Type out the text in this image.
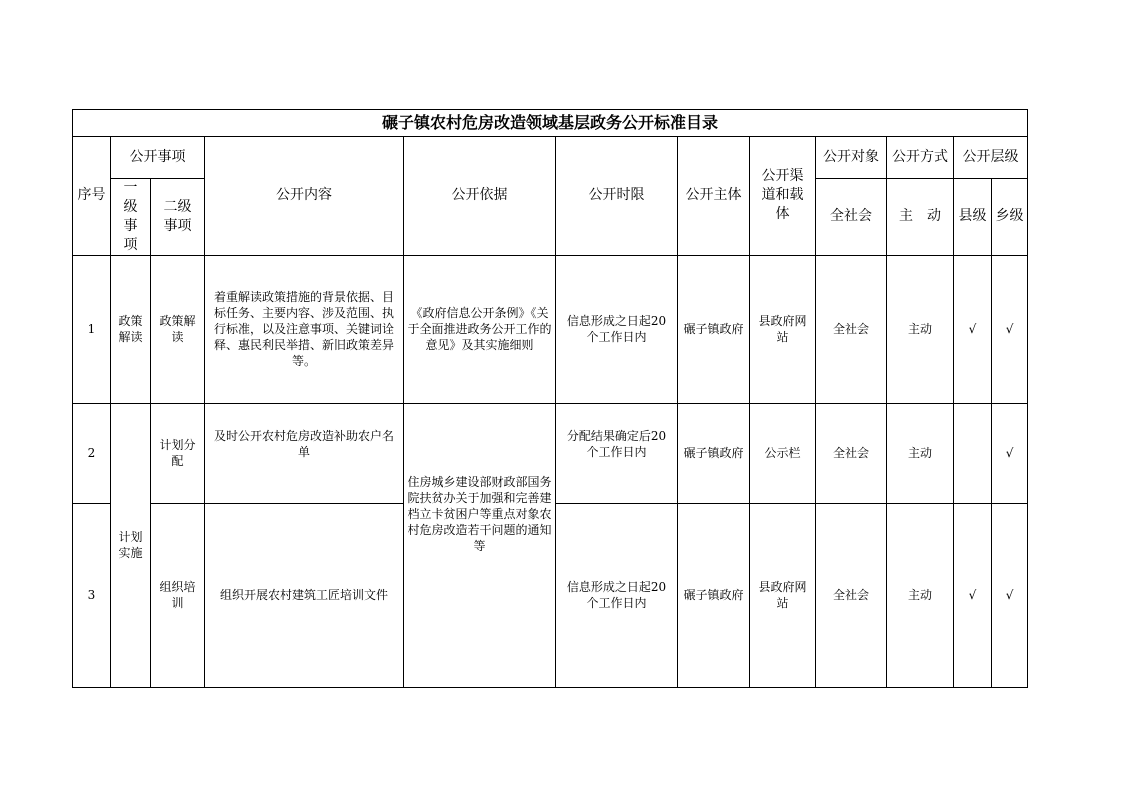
碾子镇农村危房改造领域基层政务公开标准目录											
序号	公开事项		公开内容	公开依据	公开时限	公开主体	公开渠道和载体	公开对象	公开方式	公开层级	
	一级事项	二级事项						全社会	主　动	县级	乡级
1	政策解读	政策解读	着重解读政策措施的背景依据、目标任务、主要内容、涉及范围、执行标准，以及注意事项、关键词诠释、惠民利民举措、新旧政策差异等。	《政府信息公开条例》《关于全面推进政务公开工作的意见》及其实施细则	信息形成之日起20个工作日内	碾子镇政府	县政府网站	全社会	主动	√	√
2	计划实施	计划分配	及时公开农村危房改造补助农户名单	住房城乡建设部财政部国务院扶贫办关于加强和完善建档立卡贫困户等重点对象农村危房改造若干问题的通知等	分配结果确定后20个工作日内	碾子镇政府	公示栏	全社会	主动		√
3		组织培训	组织开展农村建筑工匠培训文件		信息形成之日起20个工作日内	碾子镇政府	县政府网站	全社会	主动	√	√
